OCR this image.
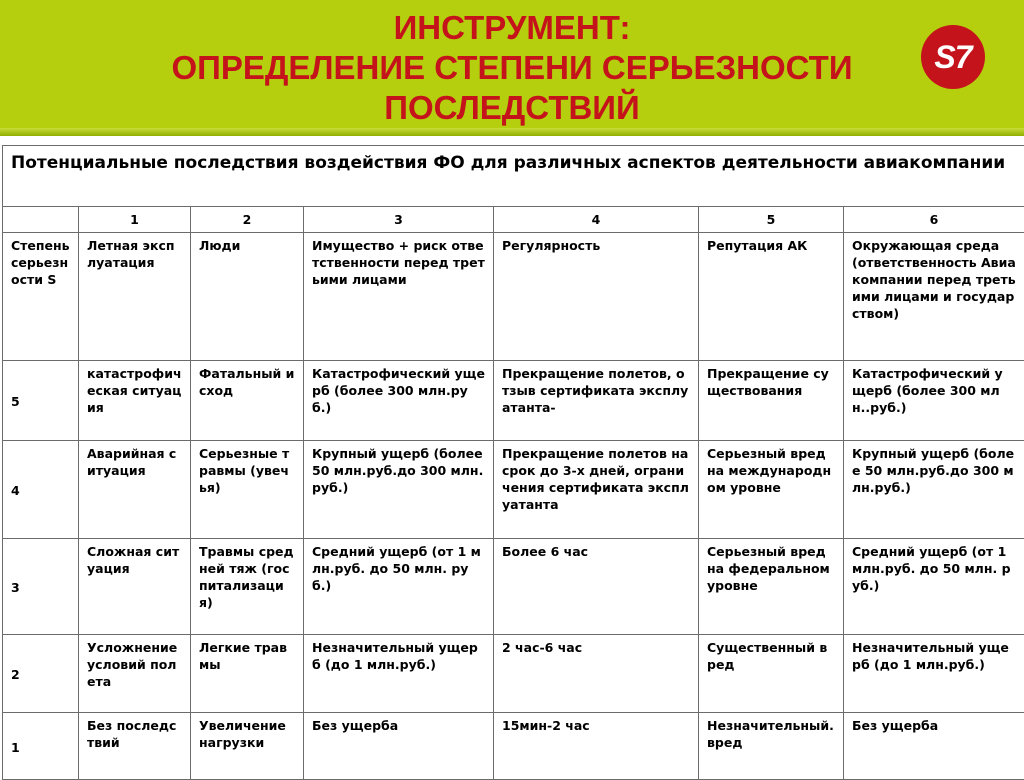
ИНСТРУМЕНТ:
ОПРЕДЕЛЕНИЕ СТЕПЕНИ СЕРЬЕЗНОСТИ
ПОСЛЕДСТВИЙ
S7
Потенциальные последствия воздействия ФО для различных аспектов деятельности авиакомпании						
	1	2	3	4	5	6
Степень серьезности S	Летная эксплуатация	Люди	Имущество + риск ответственности перед третьими лицами	Регулярность	Репутация АК	Окружающая среда (ответственность Авиакомпании перед третьими лицами и государством)
5	катастрофическая ситуация	Фатальный исход	Катастрофический ущерб (более 300 млн.руб.)	Прекращение полетов, отзыв сертификата эксплуатанта-	Прекращение существования	Катастрофический ущерб (более 300 млн..руб.)
4	Аварийная ситуация	Серьезные травмы (увечья)	Крупный ущерб (более 50 млн.руб.до 300 млн.руб.)	Прекращение полетов на срок до 3-х дней, ограничения сертификата эксплуатанта	Серьезный вред на международном уровне	Крупный ущерб (более 50 млн.руб.до 300 млн.руб.)
3	Сложная ситуация	Травмы средней тяж (госпитализация)	Средний ущерб (от 1 млн.руб. до 50 млн. руб.)	Более 6 час	Серьезный вред на федеральном уровне	Средний ущерб (от 1 млн.руб. до 50 млн. руб.)
2	Усложнение условий полета	Легкие травмы	Незначительный ущерб (до 1 млн.руб.)	2 час-6 час	Существенный вред	Незначительный ущерб (до 1 млн.руб.)
1	Без последствий	Увеличение нагрузки	Без ущерба	15мин-2 час	Незначительный. вред	Без ущерба
